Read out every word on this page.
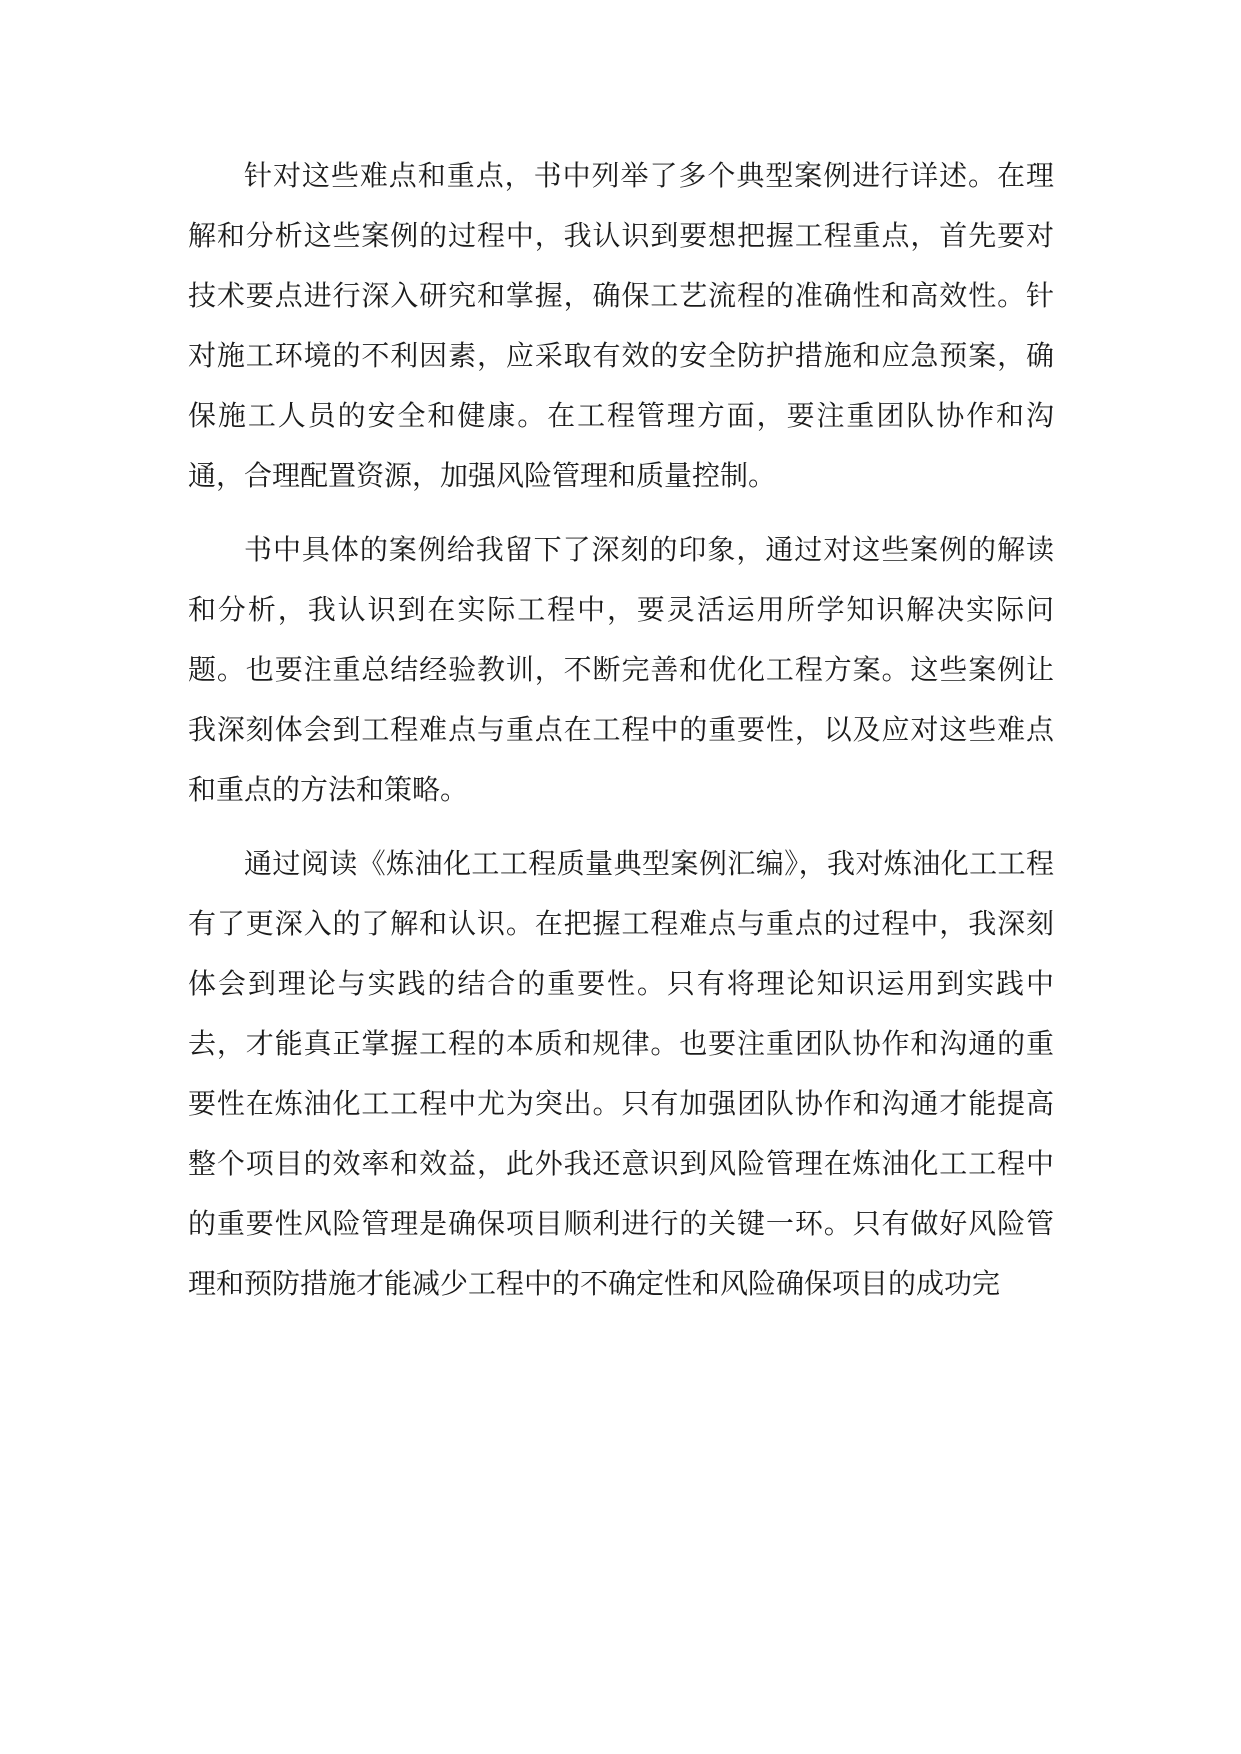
针对这些难点和重点，书中列举了多个典型案例进行详述。在理解和分析这些案例的过程中，我认识到要想把握工程重点，首先要对技术要点进行深入研究和掌握，确保工艺流程的准确性和高效性。针对施工环境的不利因素，应采取有效的安全防护措施和应急预案，确保施工人员的安全和健康。在工程管理方面，要注重团队协作和沟通，合理配置资源，加强风险管理和质量控制。

书中具体的案例给我留下了深刻的印象，通过对这些案例的解读和分析，我认识到在实际工程中，要灵活运用所学知识解决实际问题。也要注重总结经验教训，不断完善和优化工程方案。这些案例让我深刻体会到工程难点与重点在工程中的重要性，以及应对这些难点和重点的方法和策略。

通过阅读《炼油化工工程质量典型案例汇编》，我对炼油化工工程有了更深入的了解和认识。在把握工程难点与重点的过程中，我深刻体会到理论与实践的结合的重要性。只有将理论知识运用到实践中去，才能真正掌握工程的本质和规律。也要注重团队协作和沟通的重要性在炼油化工工程中尤为突出。只有加强团队协作和沟通才能提高整个项目的效率和效益，此外我还意识到风险管理在炼油化工工程中的重要性风险管理是确保项目顺利进行的关键一环。只有做好风险管理和预防措施才能减少工程中的不确定性和风险确保项目的成功完
